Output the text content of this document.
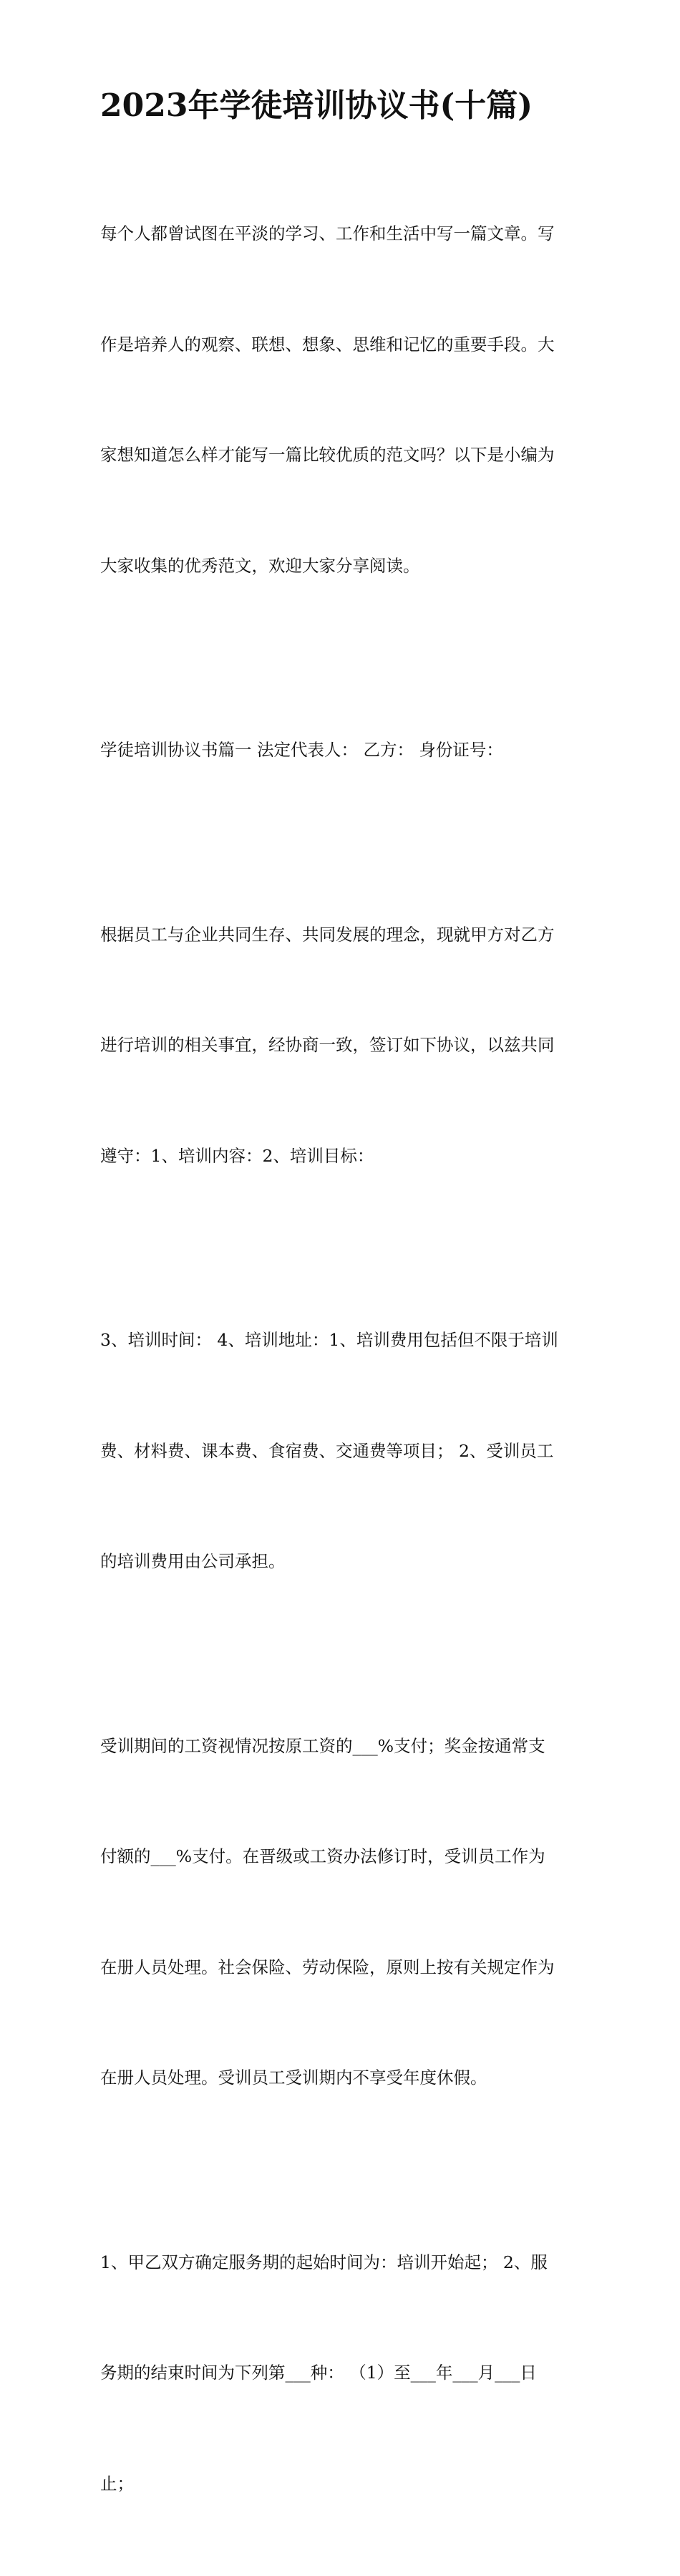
2023年学徒培训协议书(十篇)

每个人都曾试图在平淡的学习、工作和生活中写一篇文章。写

作是培养人的观察、联想、想象、思维和记忆的重要手段。大

家想知道怎么样才能写一篇比较优质的范文吗？以下是小编为

大家收集的优秀范文，欢迎大家分享阅读。

学徒培训协议书篇一 法定代表人： 乙方： 身份证号：

根据员工与企业共同生存、共同发展的理念，现就甲方对乙方

进行培训的相关事宜，经协商一致，签订如下协议，以兹共同

遵守：1、培训内容：2、培训目标：

3、培训时间： 4、培训地址：1、培训费用包括但不限于培训

费、材料费、课本费、食宿费、交通费等项目； 2、受训员工

的培训费用由公司承担。

受训期间的工资视情况按原工资的___%支付；奖金按通常支

付额的___%支付。在晋级或工资办法修订时，受训员工作为

在册人员处理。社会保险、劳动保险，原则上按有关规定作为

在册人员处理。受训员工受训期内不享受年度休假。

1、甲乙双方确定服务期的起始时间为：培训开始起； 2、服

务期的结束时间为下列第___种： （1）至___年___月___日

止；
